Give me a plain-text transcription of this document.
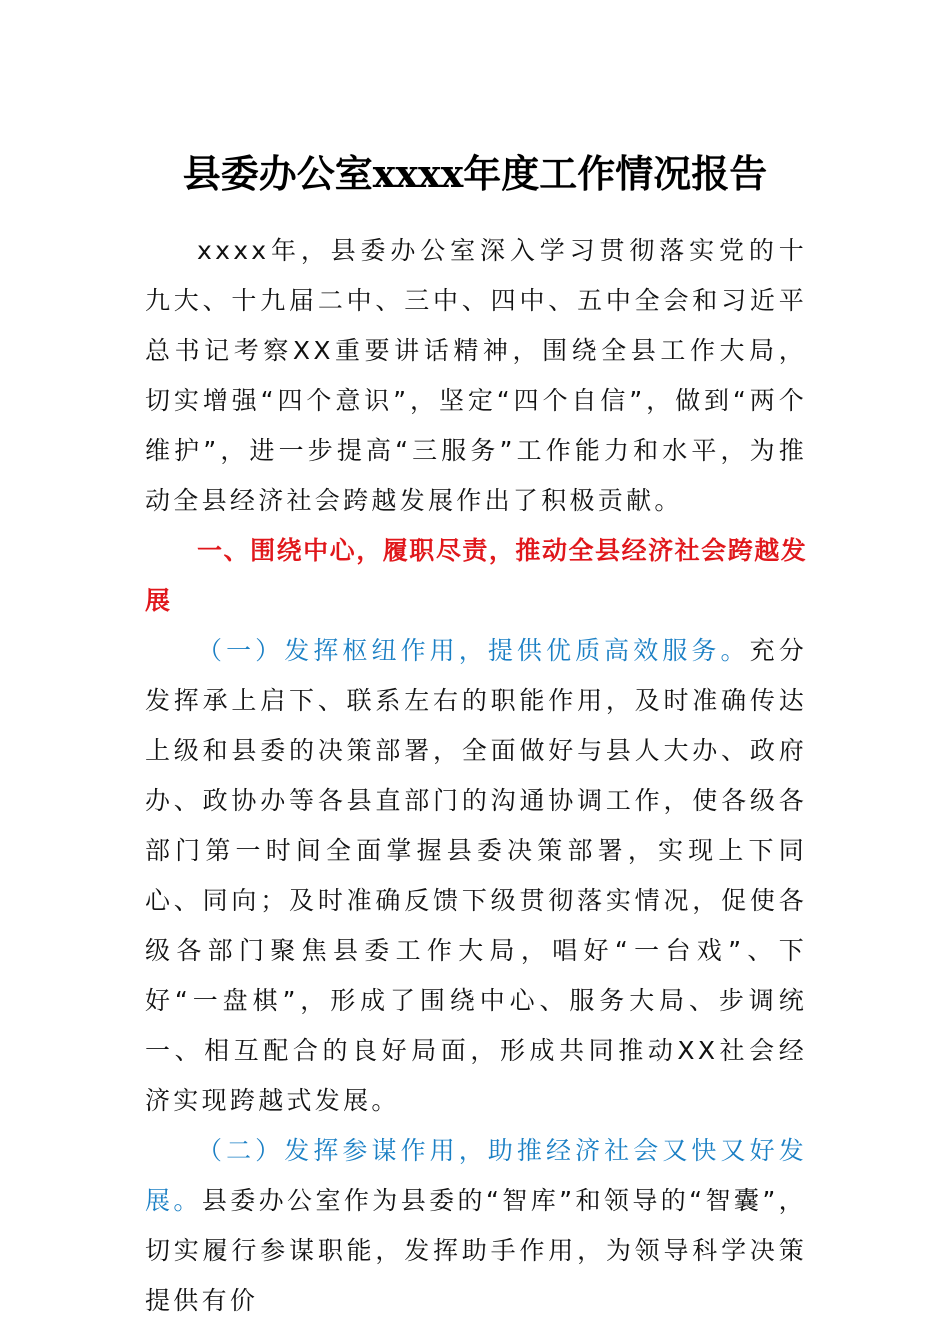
县委办公室xxxx年度工作情况报告

xxxx年，县委办公室深入学习贯彻落实党的十九大、十九届二中、三中、四中、五中全会和习近平总书记考察XX重要讲话精神，围绕全县工作大局，切实增强“四个意识”，坚定“四个自信”，做到“两个维护”，进一步提高“三服务”工作能力和水平，为推动全县经济社会跨越发展作出了积极贡献。

一、围绕中心，履职尽责，推动全县经济社会跨越发展

（一）发挥枢纽作用，提供优质高效服务。充分发挥承上启下、联系左右的职能作用，及时准确传达上级和县委的决策部署，全面做好与县人大办、政府办、政协办等各县直部门的沟通协调工作，使各级各部门第一时间全面掌握县委决策部署，实现上下同心、同向；及时准确反馈下级贯彻落实情况，促使各级各部门聚焦县委工作大局，唱好“一台戏”、下好“一盘棋”，形成了围绕中心、服务大局、步调统一、相互配合的良好局面，形成共同推动XX社会经济实现跨越式发展。

（二）发挥参谋作用，助推经济社会又快又好发展。县委办公室作为县委的“智库”和领导的“智囊”，切实履行参谋职能，发挥助手作用，为领导科学决策提供有价
